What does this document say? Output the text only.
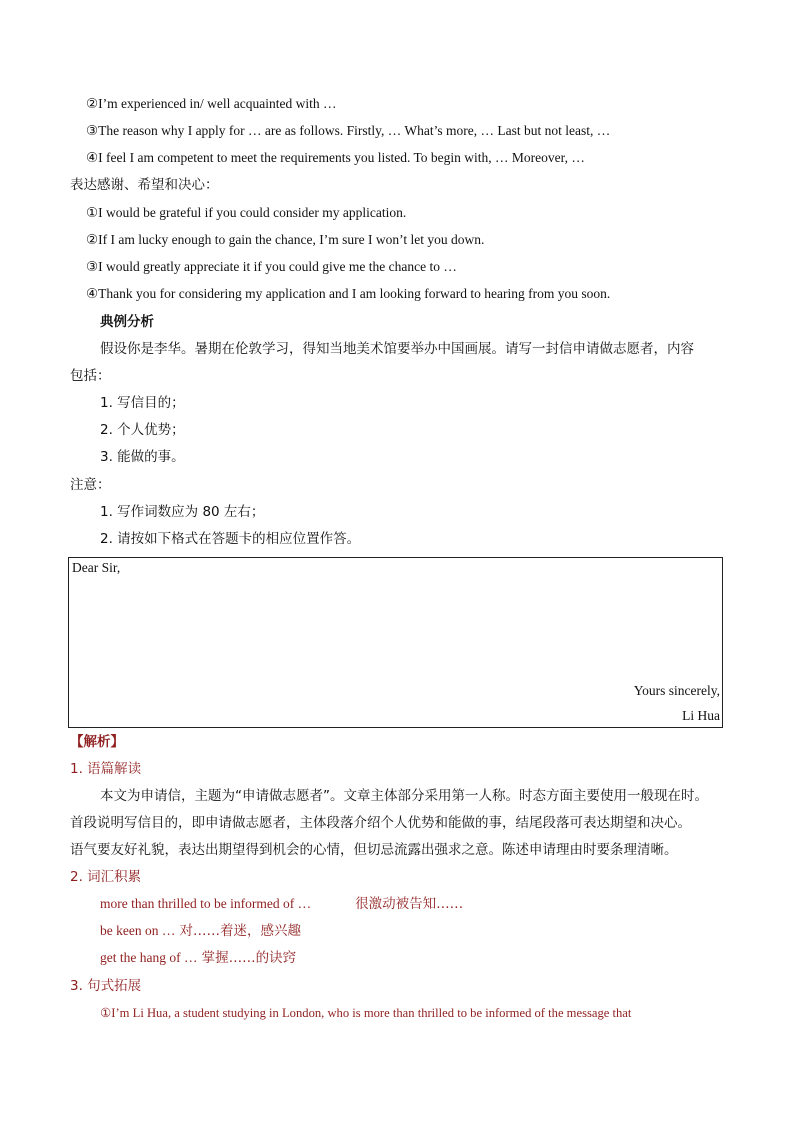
②I’m experienced in/ well acquainted with …
③The reason why I apply for … are as follows. Firstly, … What’s more, … Last but not least, …
④I feel I am competent to meet the requirements you listed. To begin with, … Moreover, …
表达感谢、希望和决心：
①I would be grateful if you could consider my application.
②If I am lucky enough to gain the chance, I’m sure I won’t let you down.
③I would greatly appreciate it if you could give me the chance to …
④Thank you for considering my application and I am looking forward to hearing from you soon.
典例分析
假设你是李华。暑期在伦敦学习，得知当地美术馆要举办中国画展。请写一封信申请做志愿者，内容
包括：
1. 写信目的；
2. 个人优势；
3. 能做的事。
注意：
1. 写作词数应为 80 左右；
2. 请按如下格式在答题卡的相应位置作答。
Dear Sir,
Yours sincerely,
Li Hua
【解析】
1. 语篇解读
本文为申请信，主题为“申请做志愿者”。文章主体部分采用第一人称。时态方面主要使用一般现在时。
首段说明写信目的，即申请做志愿者，主体段落介绍个人优势和能做的事，结尾段落可表达期望和决心。
语气要友好礼貌，表达出期望得到机会的心情，但切忌流露出强求之意。陈述申请理由时要条理清晰。
2. 词汇积累
more than thrilled to be informed of …	很激动被告知……
be keen on … 对……着迷，感兴趣
get the hang of … 掌握……的诀窍
3. 句式拓展
①I’m Li Hua, a student studying in London, who is more than thrilled to be informed of the message that
